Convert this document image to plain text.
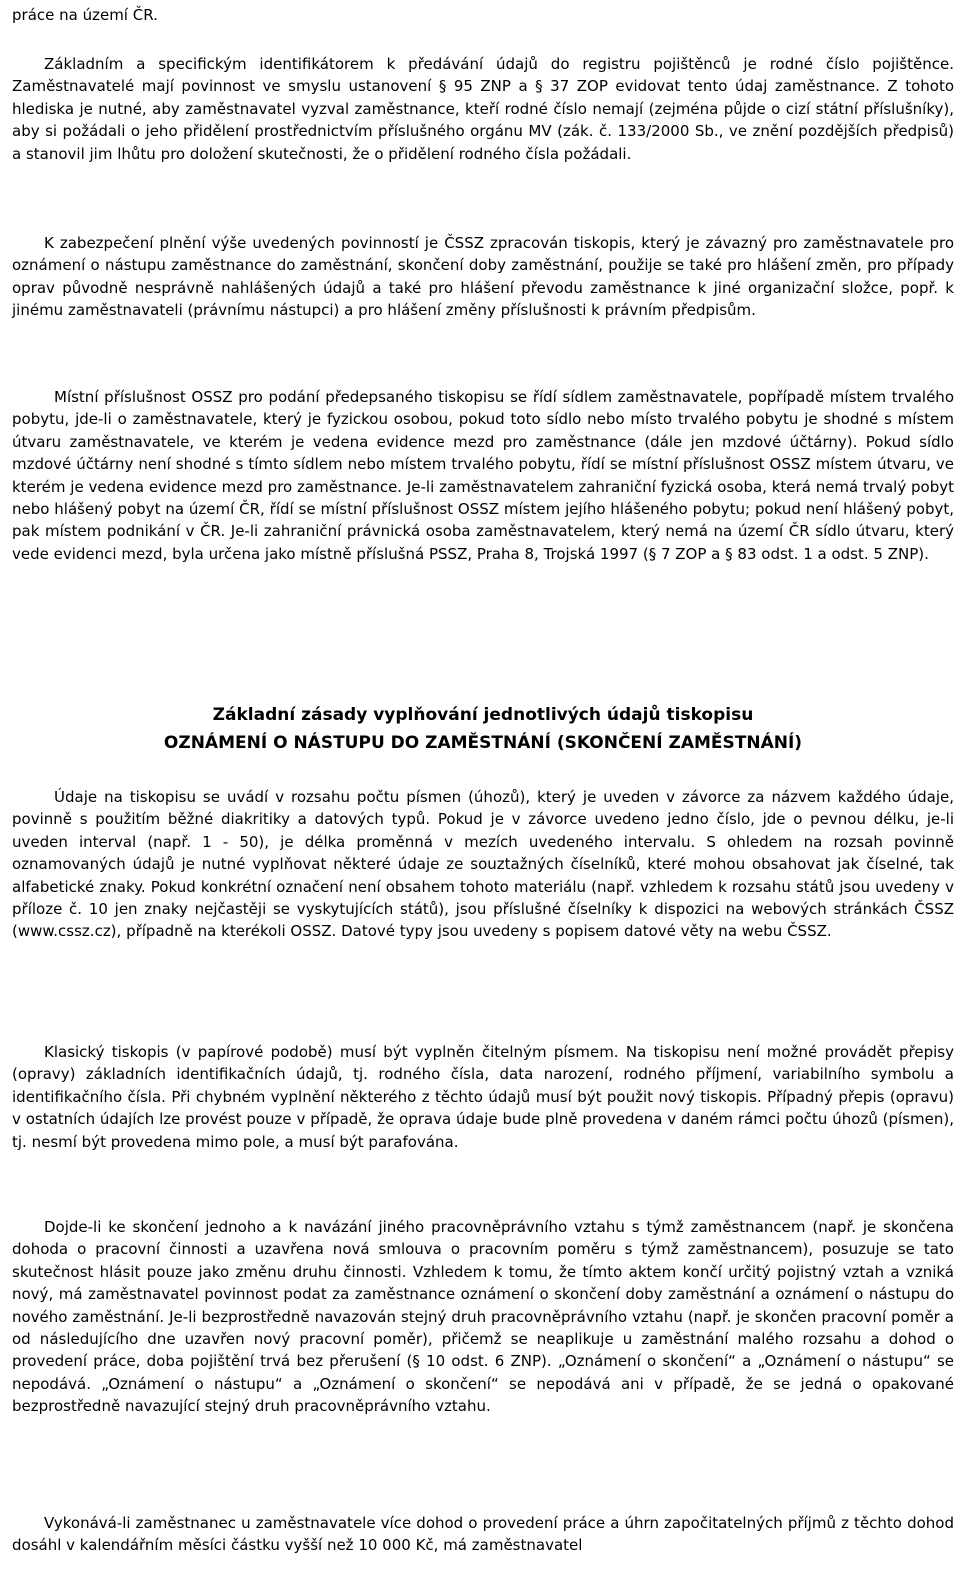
práce na území ČR.

Základním a specifickým identifikátorem k předávání údajů do registru pojištěnců je rodné číslo pojištěnce. Zaměstnavatelé mají povinnost ve smyslu ustanovení § 95 ZNP a § 37 ZOP evidovat tento údaj zaměstnance. Z tohoto hlediska je nutné, aby zaměstnavatel vyzval zaměstnance, kteří rodné číslo nemají (zejména půjde o cizí státní příslušníky), aby si požádali o jeho přidělení prostřednictvím příslušného orgánu MV (zák. č. 133/2000 Sb., ve znění pozdějších předpisů) a stanovil jim lhůtu pro doložení skutečnosti, že o přidělení rodného čísla požádali.

K zabezpečení plnění výše uvedených povinností je ČSSZ zpracován tiskopis, který je závazný pro zaměstnavatele pro oznámení o nástupu zaměstnance do zaměstnání, skončení doby zaměstnání, použije se také pro hlášení změn, pro případy oprav původně nesprávně nahlášených údajů a také pro hlášení převodu zaměstnance k jiné organizační složce, popř. k jinému zaměstnavateli (právnímu nástupci) a pro hlášení změny příslušnosti k právním předpisům.

Místní příslušnost OSSZ pro podání předepsaného tiskopisu se řídí sídlem zaměstnavatele, popřípadě místem trvalého pobytu, jde-li o zaměstnavatele, který je fyzickou osobou, pokud toto sídlo nebo místo trvalého pobytu je shodné s místem útvaru zaměstnavatele, ve kterém je vedena evidence mezd pro zaměstnance (dále jen mzdové účtárny). Pokud sídlo mzdové účtárny není shodné s tímto sídlem nebo místem trvalého pobytu, řídí se místní příslušnost OSSZ místem útvaru, ve kterém je vedena evidence mezd pro zaměstnance. Je-li zaměstnavatelem zahraniční fyzická osoba, která nemá trvalý pobyt nebo hlášený pobyt na území ČR, řídí se místní příslušnost OSSZ místem jejího hlášeného pobytu; pokud není hlášený pobyt, pak místem podnikání v ČR. Je-li zahraniční právnická osoba zaměstnavatelem, který nemá na území ČR sídlo útvaru, který vede evidenci mezd, byla určena jako místně příslušná PSSZ, Praha 8, Trojská 1997 (§ 7 ZOP a § 83 odst. 1 a odst. 5 ZNP).

Základní zásady vyplňování jednotlivých údajů tiskopisu
OZNÁMENÍ O NÁSTUPU DO ZAMĚSTNÁNÍ (SKONČENÍ ZAMĚSTNÁNÍ)

Údaje na tiskopisu se uvádí v rozsahu počtu písmen (úhozů), který je uveden v závorce za názvem každého údaje, povinně s použitím běžné diakritiky a datových typů. Pokud je v závorce uvedeno jedno číslo, jde o pevnou délku, je-li uveden interval (např. 1 - 50), je délka proměnná v mezích uvedeného intervalu. S ohledem na rozsah povinně oznamovaných údajů je nutné vyplňovat některé údaje ze souztažných číselníků, které mohou obsahovat jak číselné, tak alfabetické znaky. Pokud konkrétní označení není obsahem tohoto materiálu (např. vzhledem k rozsahu států jsou uvedeny v příloze č. 10 jen znaky nejčastěji se vyskytujících států), jsou příslušné číselníky k dispozici na webových stránkách ČSSZ (www.cssz.cz), případně na kterékoli OSSZ. Datové typy jsou uvedeny s popisem datové věty na webu ČSSZ.

Klasický tiskopis (v papírové podobě) musí být vyplněn čitelným písmem. Na tiskopisu není možné provádět přepisy (opravy) základních identifikačních údajů, tj. rodného čísla, data narození, rodného příjmení, variabilního symbolu a identifikačního čísla. Při chybném vyplnění některého z těchto údajů musí být použit nový tiskopis. Případný přepis (opravu) v ostatních údajích lze provést pouze v případě, že oprava údaje bude plně provedena v daném rámci počtu úhozů (písmen), tj. nesmí být provedena mimo pole, a musí být parafována.

Dojde-li ke skončení jednoho a k navázání jiného pracovněprávního vztahu s týmž zaměstnancem (např. je skončena dohoda o pracovní činnosti a uzavřena nová smlouva o pracovním poměru s týmž zaměstnancem), posuzuje se tato skutečnost hlásit pouze jako změnu druhu činnosti. Vzhledem k tomu, že tímto aktem končí určitý pojistný vztah a vzniká nový, má zaměstnavatel povinnost podat za zaměstnance oznámení o skončení doby zaměstnání a oznámení o nástupu do nového zaměstnání. Je-li bezprostředně navazován stejný druh pracovněprávního vztahu (např. je skončen pracovní poměr a od následujícího dne uzavřen nový pracovní poměr), přičemž se neaplikuje u zaměstnání malého rozsahu a dohod o provedení práce, doba pojištění trvá bez přerušení (§ 10 odst. 6 ZNP). „Oznámení o skončení“ a „Oznámení o nástupu“ se nepodává. „Oznámení o nástupu“ a „Oznámení o skončení“ se nepodává ani v případě, že se jedná o opakované bezprostředně navazující stejný druh pracovněprávního vztahu.

Vykonává-li zaměstnanec u zaměstnavatele více dohod o provedení práce a úhrn započitatelných příjmů z těchto dohod dosáhl v kalendářním měsíci částku vyšší než 10 000 Kč, má zaměstnavatel
